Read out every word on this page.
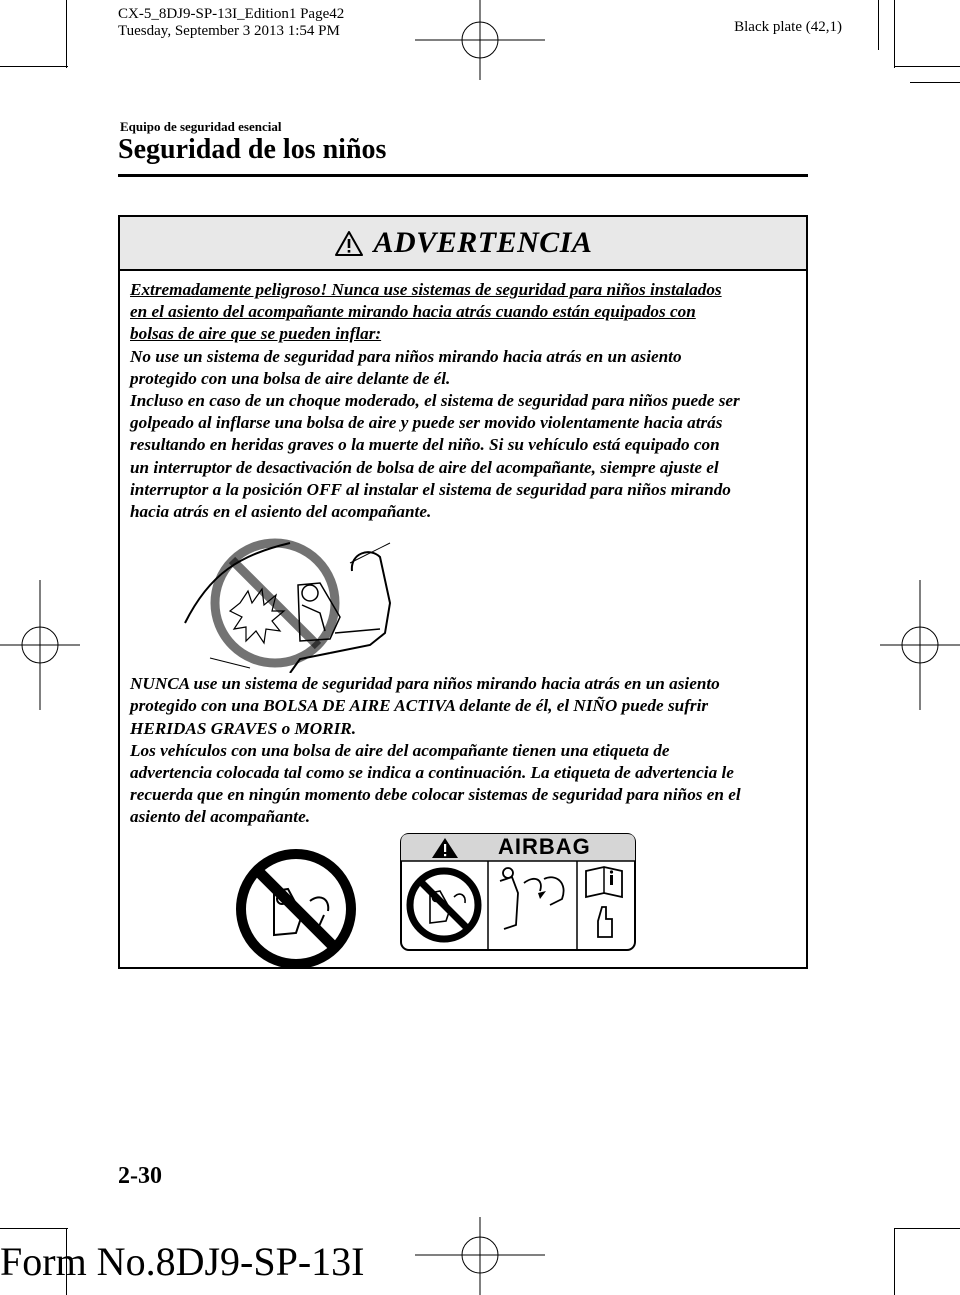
CX-5_8DJ9-SP-13I_Edition1 Page42
Tuesday, September 3 2013 1:54 PM	Black plate (42,1)
Equipo de seguridad esencial
Seguridad de los niños
ADVERTENCIA

Extremadamente peligroso! Nunca use sistemas de seguridad para niños instalados

en el asiento del acompañante mirando hacia atrás cuando están equipados con

bolsas de aire que se pueden inflar:

No use un sistema de seguridad para niños mirando hacia atrás en un asiento

protegido con una bolsa de aire delante de él.

Incluso en caso de un choque moderado, el sistema de seguridad para niños puede ser

golpeado al inflarse una bolsa de aire y puede ser movido violentamente hacia atrás

resultando en heridas graves o la muerte del niño. Si su vehículo está equipado con

un interruptor de desactivación de bolsa de aire del acompañante, siempre ajuste el

interruptor a la posición OFF al instalar el sistema de seguridad para niños mirando

hacia atrás en el asiento del acompañante.

NUNCA use un sistema de seguridad para niños mirando hacia atrás en un asiento

protegido con una BOLSA DE AIRE ACTIVA delante de él, el NIÑO puede sufrir

HERIDAS GRAVES o MORIR.

Los vehículos con una bolsa de aire del acompañante tienen una etiqueta de

advertencia colocada tal como se indica a continuación. La etiqueta de advertencia le

recuerda que en ningún momento debe colocar sistemas de seguridad para niños en el

asiento del acompañante.

AIRBAG
2-30
Form No.8DJ9-SP-13I
